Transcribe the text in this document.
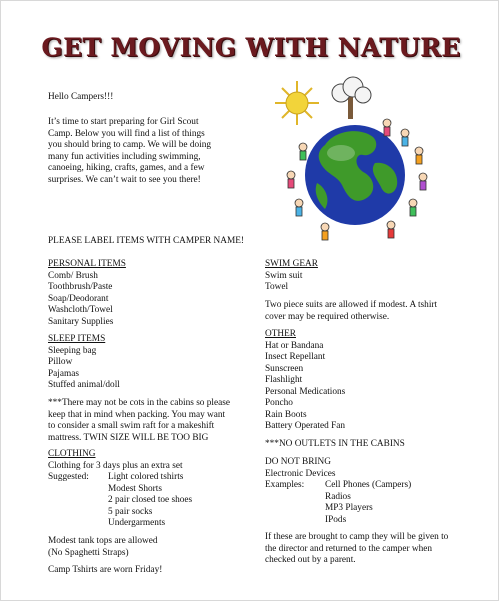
GET MOVING WITH NATURE
Hello Campers!!!
It’s time to start preparing for Girl Scout
Camp. Below you will find a list of things
you should bring to camp. We will be doing
many fun activities including swimming,
canoeing, hiking, crafts, games, and a few
surprises. We can’t wait to see you there!
PLEASE LABEL ITEMS WITH CAMPER NAME!
PERSONAL ITEMS
Comb/ Brush
Toothbrush/Paste
Soap/Deodorant
Washcloth/Towel
Sanitary Supplies
SLEEP ITEMS
Sleeping bag
Pillow
Pajamas
Stuffed animal/doll
***There may not be cots in the cabins so please
keep that in mind when packing. You may want
to consider a small swim raft for a makeshift
mattress. TWIN SIZE WILL BE TOO BIG
CLOTHING
Clothing for 3 days plus an extra set
Suggested: Light colored tshirts
Modest Shorts
2 pair closed toe shoes
5 pair socks
Undergarments
Modest tank tops are allowed
(No Spaghetti Straps)
Camp Tshirts are worn Friday!
SWIM GEAR
Swim suit
Towel
Two piece suits are allowed if modest. A tshirt
cover may be required otherwise.
OTHER
Hat or Bandana
Insect Repellant
Sunscreen
Flashlight
Personal Medications
Poncho
Rain Boots
Battery Operated Fan
***NO OUTLETS IN THE CABINS
DO NOT BRING
Electronic Devices
Examples: Cell Phones (Campers)
Radios
MP3 Players
IPods
If these are brought to camp they will be given to
the director and returned to the camper when
checked out by a parent.
